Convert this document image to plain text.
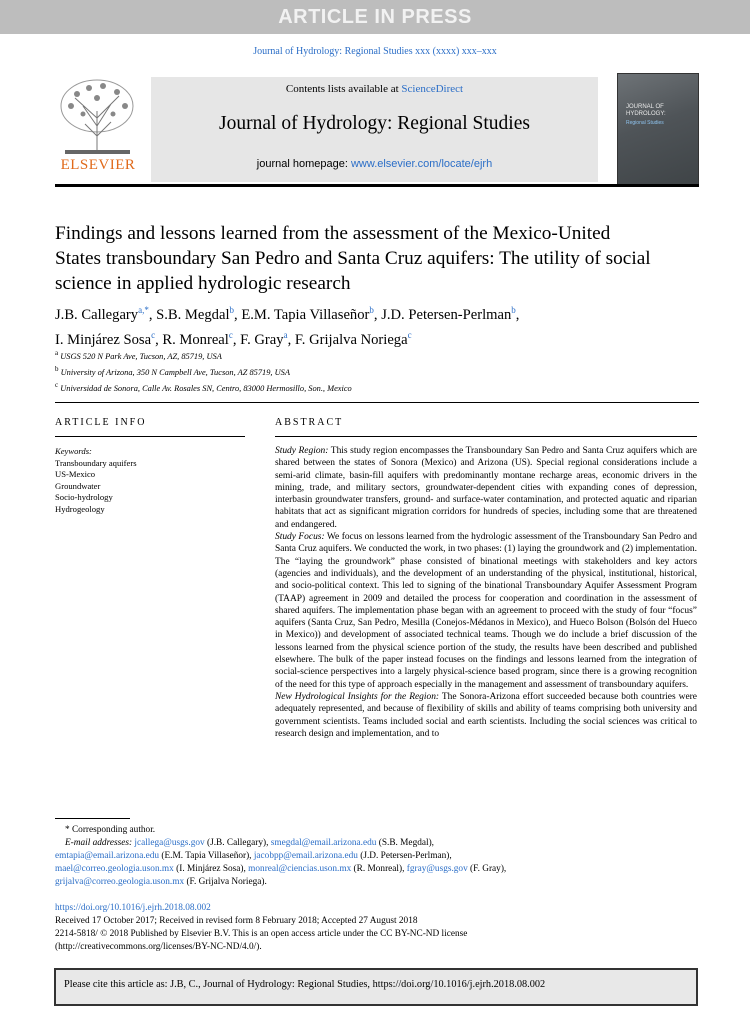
ARTICLE IN PRESS
Journal of Hydrology: Regional Studies xxx (xxxx) xxx–xxx
ELSEVIER
Contents lists available at ScienceDirect
Journal of Hydrology: Regional Studies
journal homepage: www.elsevier.com/locate/ejrh
JOURNAL OF
HYDROLOGY:
Regional Studies
Findings and lessons learned from the assessment of the Mexico-United States transboundary San Pedro and Santa Cruz aquifers: The utility of social science in applied hydrologic research
J.B. Callegary$^{a,*}$, S.B. Megdal$^b$, E.M. Tapia Villaseñor$^b$, J.D. Petersen-Perlman$^b$,
I. Minjárez Sosa$^c$, R. Monreal$^c$, F. Gray$^a$, F. Grijalva Noriega$^c$
$^a$ USGS 520 N Park Ave, Tucson, AZ, 85719, USA
$^b$ University of Arizona, 350 N Campbell Ave, Tucson, AZ 85719, USA
$^c$ Universidad de Sonora, Calle Av. Rosales SN, Centro, 83000 Hermosillo, Son., Mexico
ARTICLE INFO	ABSTRACT
Keywords:
Transboundary aquifers
US-Mexico
Groundwater
Socio-hydrology
Hydrogeology

Study Region: This study region encompasses the Transboundary San Pedro and Santa Cruz aquifers which are shared between the states of Sonora (Mexico) and Arizona (US). Special regional considerations include a semi-arid climate, basin-fill aquifers with predominantly montane recharge areas, economic drivers in the mining, trade, and military sectors, groundwater-dependent cities with expanding cones of depression, interbasin groundwater transfers, ground- and surface-water contamination, and protected aquatic and riparian habitats that act as significant migration corridors for hundreds of species, including some that are threatened and endangered.

Study Focus: We focus on lessons learned from the hydrologic assessment of the Transboundary San Pedro and Santa Cruz aquifers. We conducted the work, in two phases: (1) laying the groundwork and (2) implementation. The “laying the groundwork” phase consisted of binational meetings with stakeholders and key actors (agencies and individuals), and the development of an understanding of the physical, institutional, historical, and socio-political context. This led to signing of the binational Transboundary Aquifer Assessment Program (TAAP) agreement in 2009 and detailed the process for cooperation and coordination in the assessment of shared aquifers. The implementation phase began with an agreement to proceed with the study of four “focus” aquifers (Santa Cruz, San Pedro, Mesilla (Conejos-Médanos in Mexico), and Hueco Bolson (Bolsón del Hueco in Mexico)) and development of associated technical teams. Though we do include a brief discussion of the lessons learned from the physical science portion of the study, the results have been described and published elsewhere. The bulk of the paper instead focuses on the findings and lessons learned from the integration of social-science perspectives into a largely physical-science based program, since there is a growing recognition of the need for this type of approach especially in the management and assessment of transboundary aquifers.

New Hydrological Insights for the Region: The Sonora-Arizona effort succeeded because both countries were adequately represented, and because of flexibility of skills and ability of teams comprising both university and government scientists. Teams included social and earth scientists. Including the social sciences was critical to research design and implementation, and to

* Corresponding author.
E-mail addresses: jcallega@usgs.gov (J.B. Callegary), smegdal@email.arizona.edu (S.B. Megdal),
emtapia@email.arizona.edu (E.M. Tapia Villaseñor), jacobpp@email.arizona.edu (J.D. Petersen-Perlman),
mael@correo.geologia.uson.mx (I. Minjárez Sosa), monreal@ciencias.uson.mx (R. Monreal), fgray@usgs.gov (F. Gray),
grijalva@correo.geologia.uson.mx (F. Grijalva Noriega).
https://doi.org/10.1016/j.ejrh.2018.08.002
Received 17 October 2017; Received in revised form 8 February 2018; Accepted 27 August 2018
2214-5818/ © 2018 Published by Elsevier B.V. This is an open access article under the CC BY-NC-ND license
(http://creativecommons.org/licenses/BY-NC-ND/4.0/).
Please cite this article as: J.B, C., Journal of Hydrology: Regional Studies, https://doi.org/10.1016/j.ejrh.2018.08.002
